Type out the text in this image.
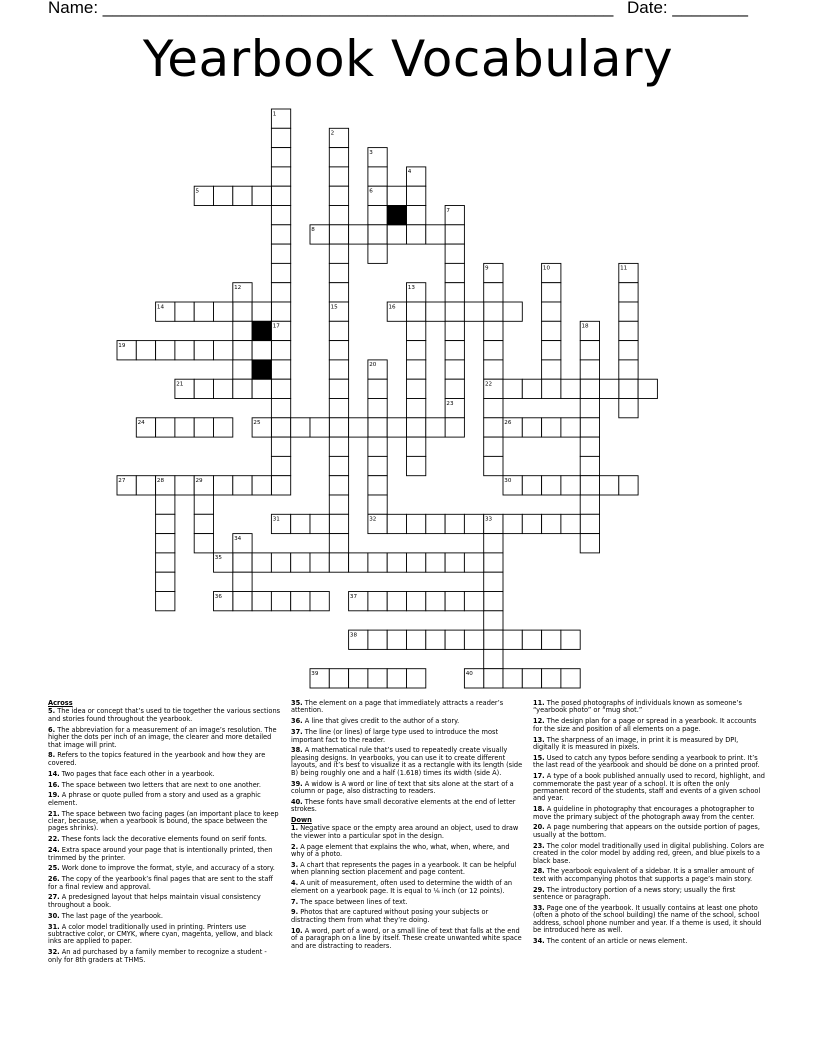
Name: ______________________________________________________ Date: ________
Yearbook Vocabulary
1
2
3
4
5	6
7
8
9	10	11
12	13
14	15	16
17	18
19
20
21	22
23
24	25	26
27	28	29	30
31	32	33
34
35
36	37
38
39	40
Across
5. The idea or concept that’s used to tie together the various sections and stories found throughout the yearbook.
6. The abbreviation for a measurement of an image’s resolution. The higher the dots per inch of an image, the clearer and more detailed that image will print.
8. Refers to the topics featured in the yearbook and how they are covered.
14. Two pages that face each other in a yearbook.
16. The space between two letters that are next to one another.
19. A phrase or quote pulled from a story and used as a graphic element.
21. The space between two facing pages (an important place to keep clear, because, when a yearbook is bound, the space between the pages shrinks).
22. These fonts lack the decorative elements found on serif fonts.
24. Extra space around your page that is intentionally printed, then trimmed by the printer.
25. Work done to improve the format, style, and accuracy of a story.
26. The copy of the yearbook’s final pages that are sent to the staff for a final review and approval.
27. A predesigned layout that helps maintain visual consistency throughout a book.
30. The last page of the yearbook.
31. A color model traditionally used in printing. Printers use subtractive color, or CMYK, where cyan, magenta, yellow, and black inks are applied to paper.
32. An ad purchased by a family member to recognize a student - only for 8th graders at THMS.
35. The element on a page that immediately attracts a reader’s attention.
36. A line that gives credit to the author of a story.
37. The line (or lines) of large type used to introduce the most important fact to the reader.
38. A mathematical rule that’s used to repeatedly create visually pleasing designs. In yearbooks, you can use it to create different layouts, and it’s best to visualize it as a rectangle with its length (side B) being roughly one and a half (1.618) times its width (side A).
39. A widow is A word or line of text that sits alone at the start of a column or page, also distracting to readers.
40. These fonts have small decorative elements at the end of letter strokes.
Down
1. Negative space or the empty area around an object, used to draw the viewer into a particular spot in the design.
2. A page element that explains the who, what, when, where, and why of a photo.
3. A chart that represents the pages in a yearbook. It can be helpful when planning section placement and page content.
4. A unit of measurement, often used to determine the width of an element on a yearbook page. It is equal to ⅙ inch (or 12 points).
7. The space between lines of text.
9. Photos that are captured without posing your subjects or distracting them from what they’re doing.
10. A word, part of a word, or a small line of text that falls at the end of a paragraph on a line by itself. These create unwanted white space and are distracting to readers.
11. The posed photographs of individuals known as someone’s “yearbook photo” or “mug shot.”
12. The design plan for a page or spread in a yearbook. It accounts for the size and position of all elements on a page.
13. The sharpness of an image, in print it is measured by DPI, digitally it is measured in pixels.
15. Used to catch any typos before sending a yearbook to print. It’s the last read of the yearbook and should be done on a printed proof.
17. A type of a book published annually used to record, highlight, and commemorate the past year of a school. It is often the only permanent record of the students, staff and events of a given school and year.
18. A guideline in photography that encourages a photographer to move the primary subject of the photograph away from the center.
20. A page numbering that appears on the outside portion of pages, usually at the bottom.
23. The color model traditionally used in digital publishing. Colors are created in the color model by adding red, green, and blue pixels to a black base.
28. The yearbook equivalent of a sidebar. It is a smaller amount of text with accompanying photos that supports a page’s main story.
29. The introductory portion of a news story; usually the first sentence or paragraph.
33. Page one of the yearbook. It usually contains at least one photo (often a photo of the school building) the name of the school, school address, school phone number and year. If a theme is used, it should be introduced here as well.
34. The content of an article or news element.
